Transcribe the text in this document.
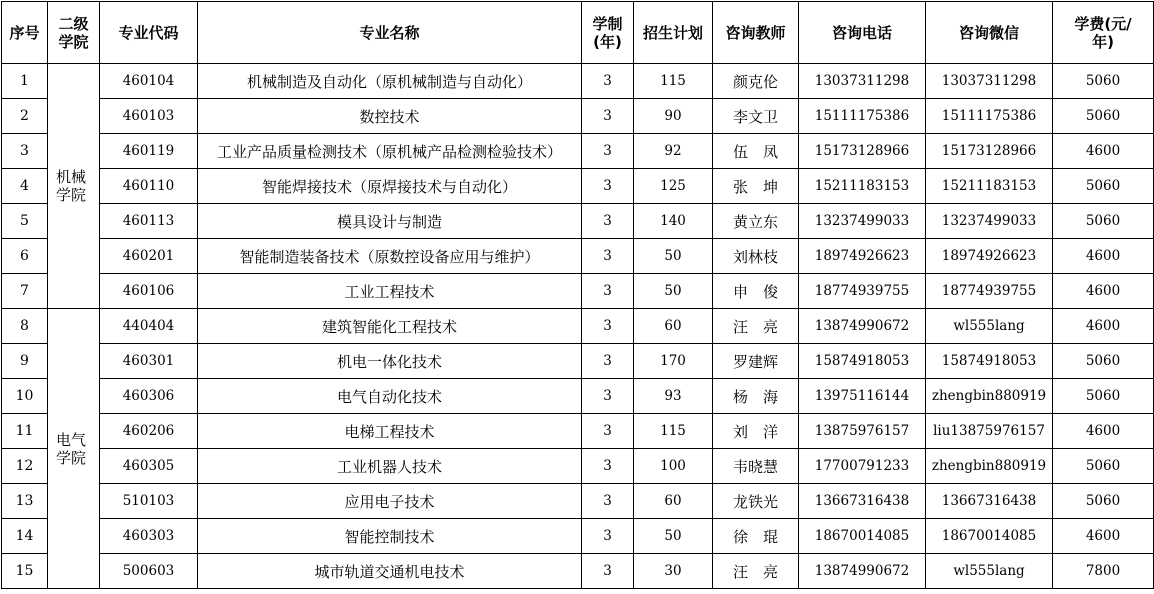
序号	二级学院	专业代码	专业名称	学制(年)	招生计划	咨询教师	咨询电话	咨询微信	学费(元/年)
1	机械学院	460104	机械制造及自动化（原机械制造与自动化）	3	115	颜克伦	13037311298	13037311298	5060
2		460103	数控技术	3	90	李文卫	15111175386	15111175386	5060
3		460119	工业产品质量检测技术（原机械产品检测检验技术）	3	92	伍　凤	15173128966	15173128966	4600
4		460110	智能焊接技术（原焊接技术与自动化）	3	125	张　坤	15211183153	15211183153	5060
5		460113	模具设计与制造	3	140	黄立东	13237499033	13237499033	5060
6		460201	智能制造装备技术（原数控设备应用与维护）	3	50	刘林枝	18974926623	18974926623	4600
7		460106	工业工程技术	3	50	申　俊	18774939755	18774939755	4600
8	电气学院	440404	建筑智能化工程技术	3	60	汪　亮	13874990672	wl555lang	4600
9		460301	机电一体化技术	3	170	罗建辉	15874918053	15874918053	5060
10		460306	电气自动化技术	3	93	杨　海	13975116144	zhengbin880919	5060
11		460206	电梯工程技术	3	115	刘　洋	13875976157	liu13875976157	4600
12		460305	工业机器人技术	3	100	韦晓慧	17700791233	zhengbin880919	5060
13		510103	应用电子技术	3	60	龙铁光	13667316438	13667316438	5060
14		460303	智能控制技术	3	50	徐　琨	18670014085	18670014085	4600
15		500603	城市轨道交通机电技术	3	30	汪　亮	13874990672	wl555lang	7800
